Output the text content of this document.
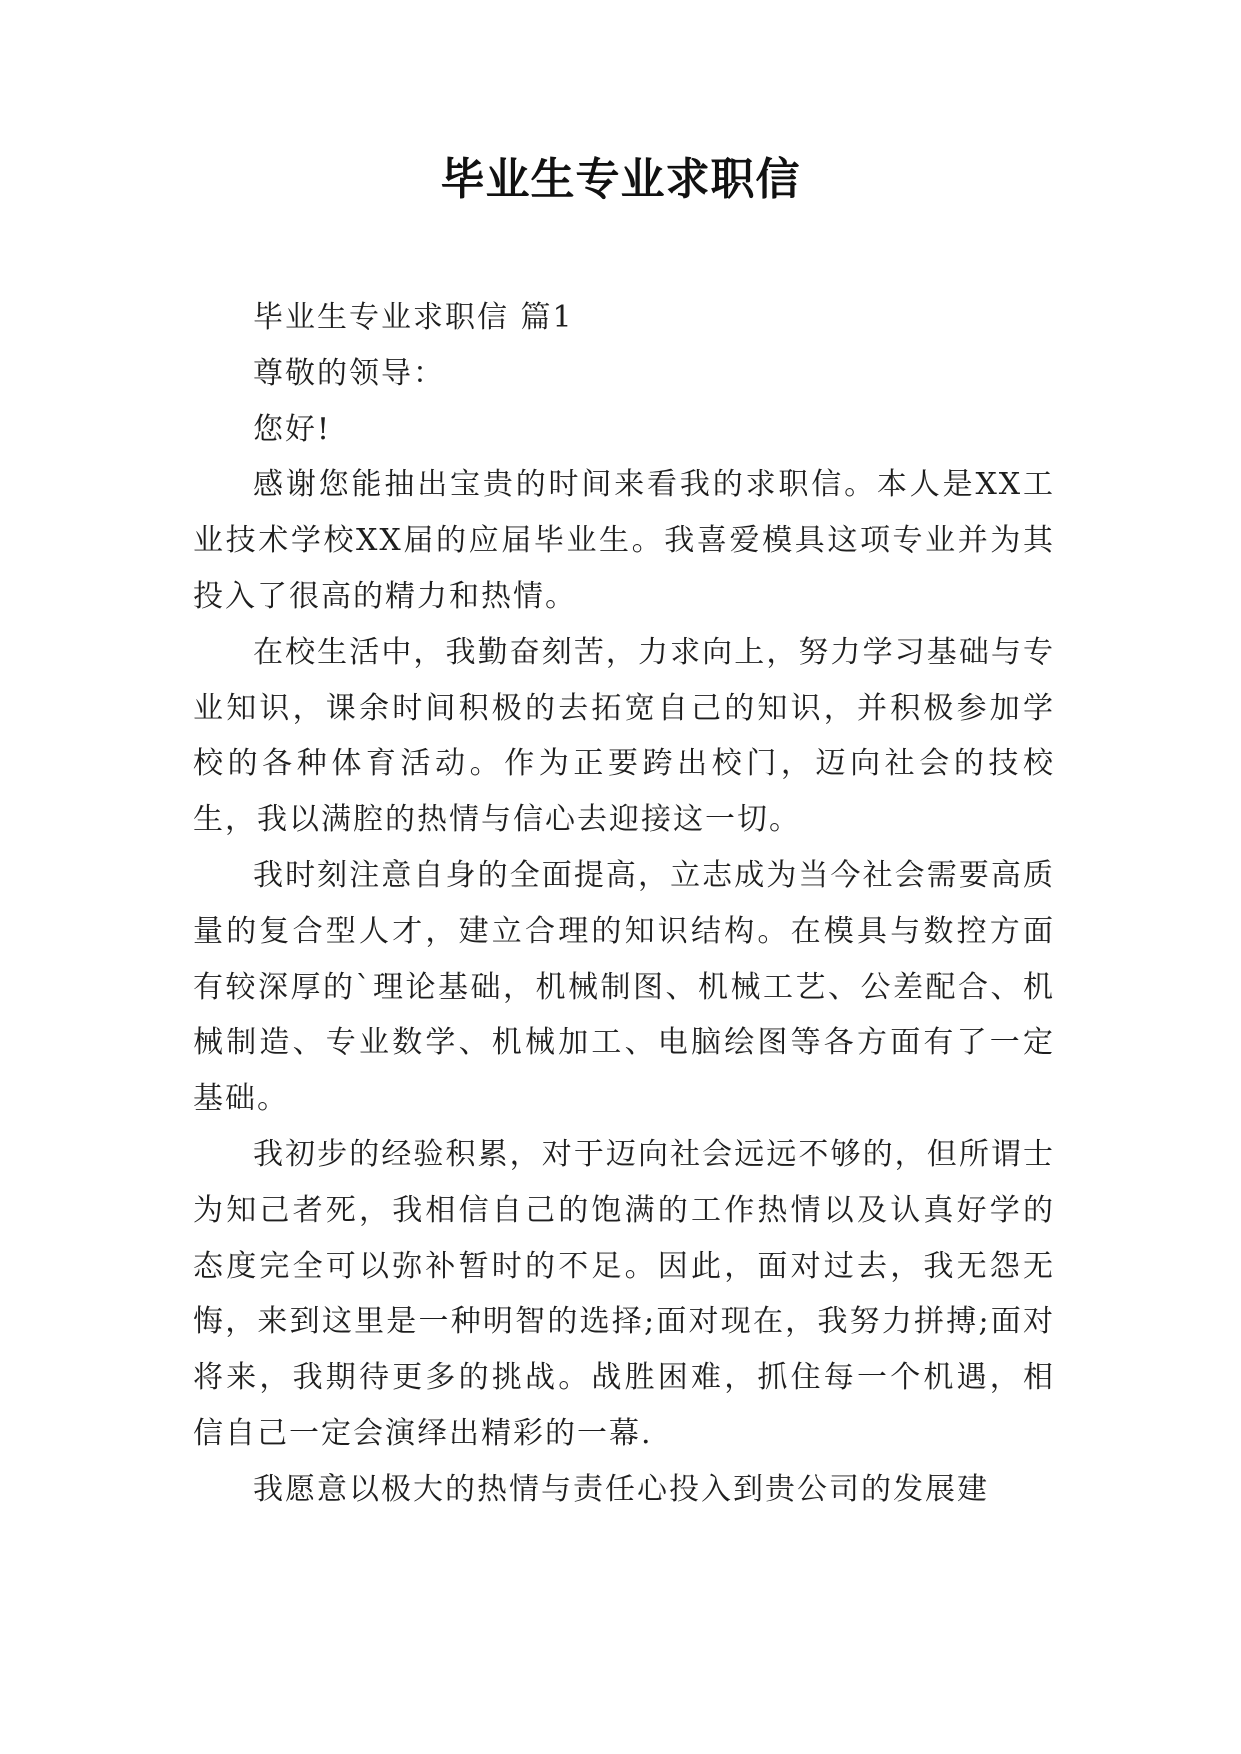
毕业生专业求职信

毕业生专业求职信 篇1

尊敬的领导：

您好!

感谢您能抽出宝贵的时间来看我的求职信。本人是XX工业技术学校XX届的应届毕业生。我喜爱模具这项专业并为其投入了很高的精力和热情。

在校生活中，我勤奋刻苦，力求向上，努力学习基础与专业知识，课余时间积极的去拓宽自己的知识，并积极参加学校的各种体育活动。作为正要跨出校门，迈向社会的技校生，我以满腔的热情与信心去迎接这一切。

我时刻注意自身的全面提高，立志成为当今社会需要高质量的复合型人才，建立合理的知识结构。在模具与数控方面有较深厚的`理论基础，机械制图、机械工艺、公差配合、机械制造、专业数学、机械加工、电脑绘图等各方面有了一定基础。

我初步的经验积累，对于迈向社会远远不够的，但所谓士为知己者死，我相信自己的饱满的工作热情以及认真好学的态度完全可以弥补暂时的不足。因此，面对过去，我无怨无悔，来到这里是一种明智的选择;面对现在，我努力拼搏;面对将来，我期待更多的挑战。战胜困难，抓住每一个机遇，相信自己一定会演绎出精彩的一幕.

我愿意以极大的热情与责任心投入到贵公司的发展建
